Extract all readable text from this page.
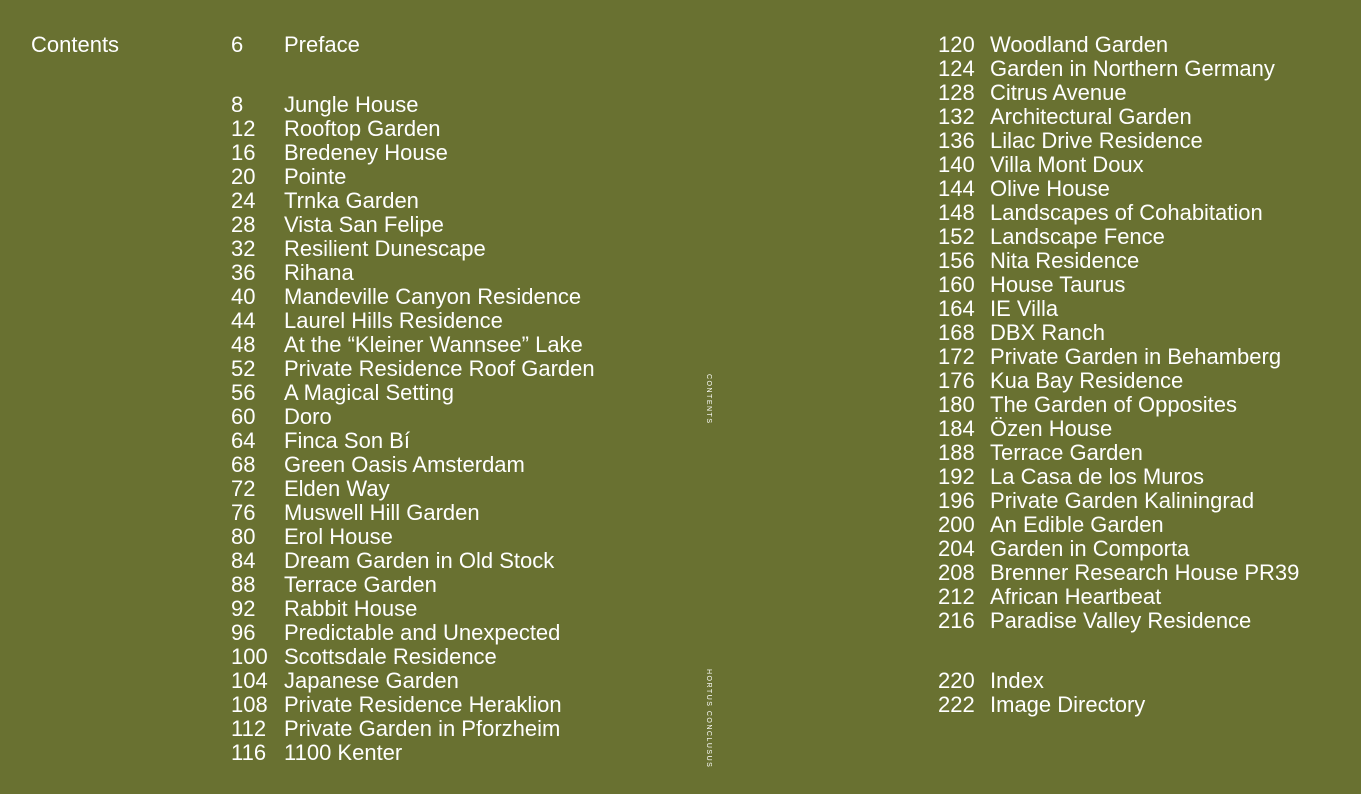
Contents	6	Preface
8	Jungle House
12	Rooftop Garden
16	Bredeney House
20	Pointe
24	Trnka Garden
28	Vista San Felipe
32	Resilient Dunescape
36	Rihana
40	Mandeville Canyon Residence
44	Laurel Hills Residence
48	At the “Kleiner Wannsee” Lake
52	Private Residence Roof Garden
56	A Magical Setting
60	Doro
64	Finca Son Bí
68	Green Oasis Amsterdam
72	Elden Way
76	Muswell Hill Garden
80	Erol House
84	Dream Garden in Old Stock
88	Terrace Garden
92	Rabbit House
96	Predictable and Unexpected
100 Scottsdale Residence
104 Japanese Garden
108 Private Residence Heraklion
112 Private Garden in Pforzheim
116 1100 Kenter
CONTENTS
HORTUS CONCLUSUS
120 Woodland Garden
124 Garden in Northern Germany
128 Citrus Avenue
132 Architectural Garden
136 Lilac Drive Residence
140 Villa Mont Doux
144 Olive House
148 Landscapes of Cohabitation
152 Landscape Fence
156 Nita Residence
160 House Taurus
164 IE Villa
168 DBX Ranch
172 Private Garden in Behamberg
176 Kua Bay Residence
180 The Garden of Opposites
184 Özen House
188 Terrace Garden
192 La Casa de los Muros
196 Private Garden Kaliningrad
200 An Edible Garden
204 Garden in Comporta
208 Brenner Research House PR39
212 African Heartbeat
216 Paradise Valley Residence
220 Index
222 Image Directory
